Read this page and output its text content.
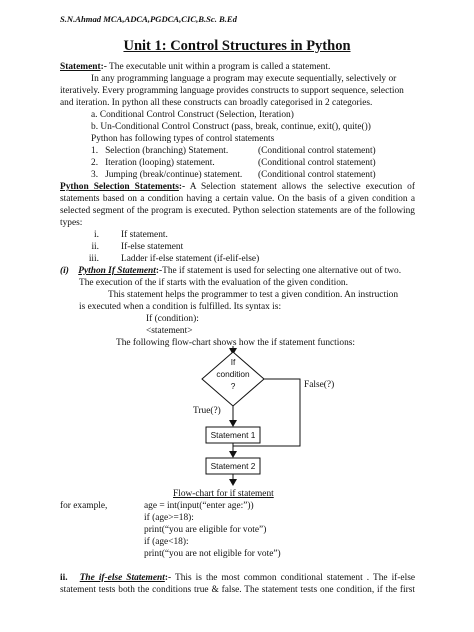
S.N.Ahmad MCA,ADCA,PGDCA,CIC,B.Sc. B.Ed
Unit 1: Control Structures in Python
Statement:- The executable unit within a program is called a statement.
In any programming language a program may execute sequentially, selectively or
iteratively. Every programming language provides constructs to support sequence, selection
and iteration. In python all these constructs can broadly categorised in 2 categories.
a. Conditional Control Construct (Selection, Iteration)
b. Un-Conditional Control Construct (pass, break, continue, exit(), quite())
Python has following types of control statements
1. Selection (branching) Statement.	(Conditional control statement)
2. Iteration (looping) statement.	(Conditional control statement)
3. Jumping (break/continue) statement. (Conditional control statement)
Python Selection Statements:- A Selection statement allows the selective execution of
statements based on a condition having a certain value. On the basis of a given condition a
selected segment of the program is executed. Python selection statements are of the following
types:
i. If statement.
ii. If-else statement
iii. Ladder if-else statement (if-elif-else)
(i) Python If Statement:-The if statement is used for selecting one alternative out of two.
The execution of the if starts with the evaluation of the given condition.
This statement helps the programmer to test a given condition. An instruction
is executed when a condition is fulfilled. Its syntax is:
If (condition):
<statement>
The following flow-chart shows how the if statement functions:
If
condition
?	False(?)
True(?)
Statement 1
Statement 2
Flow-chart for if statement
for example,	age = int(input(“enter age:”))
if (age>=18):
print(“you are eligible for vote”)
if (age<18):
print(“you are not eligible for vote”)
ii. The if-else Statement:- This is the most common conditional statement . The if-else
statement tests both the conditions true & false. The statement tests one condition, if the first
